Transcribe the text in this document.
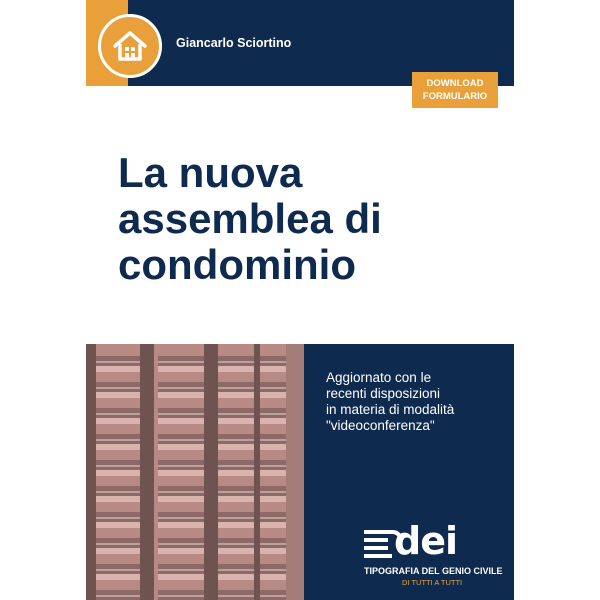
Giancarlo Sciortino
DOWNLOAD
FORMULARIO
La nuova
assemblea di
condominio
Aggiornato con le
recenti disposizioni
in materia di modalità
"videoconferenza"
dei
TIPOGRAFIA DEL GENIO CIVILE
DI TUTTI A TUTTI
